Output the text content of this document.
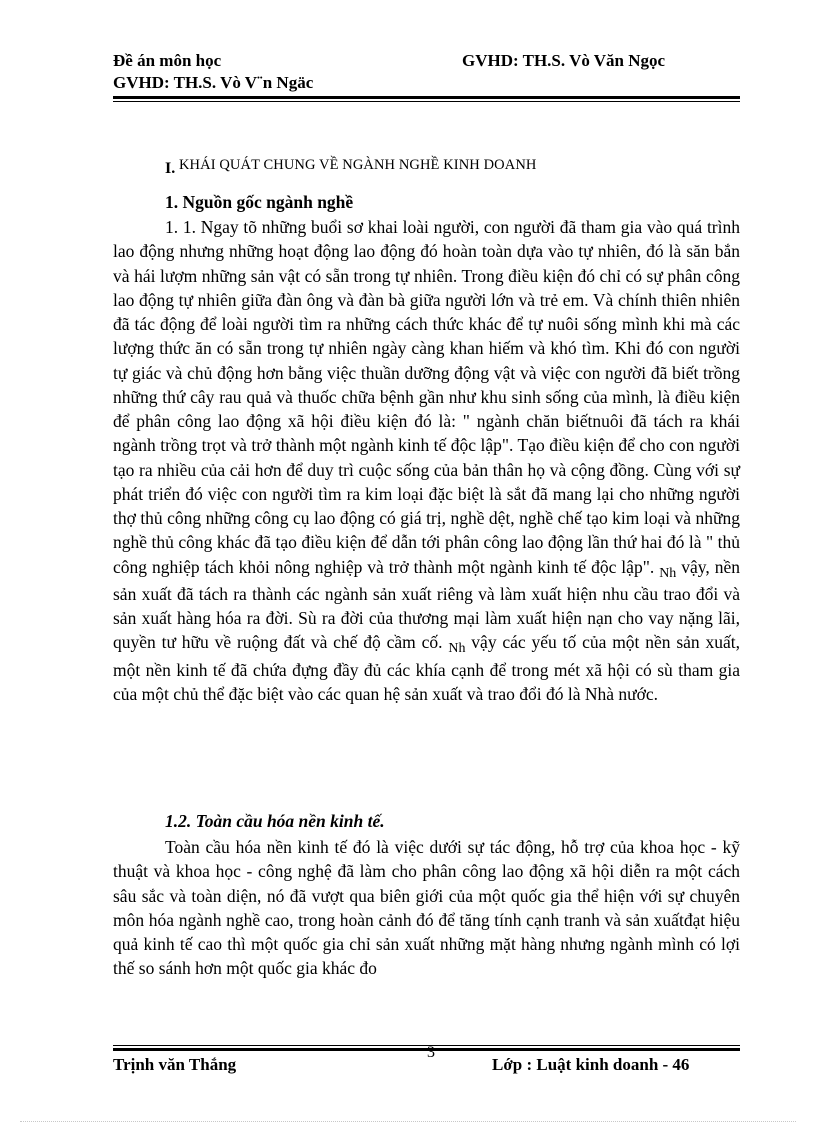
Đề án môn học	GVHD: TH.S. Vò Văn Ngọc
GVHD: TH.S. Vò V¨n Ngäc
I. KHÁI QUÁT CHUNG VỀ NGÀNH NGHỀ KINH DOANH
1. Nguồn gốc ngành nghề
1. 1. Ngay tõ những buổi sơ khai loài người, con người đã tham gia vào quá trình lao động nhưng những hoạt động lao động đó hoàn toàn dựa vào tự nhiên, đó là săn bắn và hái lượm những sản vật có sẵn trong tự nhiên. Trong điều kiện đó chỉ có sự phân công lao động tự nhiên giữa đàn ông và đàn bà giữa người lớn và trẻ em. Và chính thiên nhiên đã tác động để loài người tìm ra những cách thức khác để tự nuôi sống mình khi mà các lượng thức ăn có sẵn trong tự nhiên ngày càng khan hiếm và khó tìm. Khi đó con người tự giác và chủ động hơn bằng việc thuần dưỡng động vật và việc con người đã biết trồng những thứ cây rau quả và thuốc chữa bệnh gần như khu sinh sống của mình, là điều kiện để phân công lao động xã hội điều kiện đó là: " ngành chăn biếtnuôi đã tách ra khái ngành trồng trọt và trở thành một ngành kinh tế độc lập". Tạo điều kiện để cho con người tạo ra nhiều của cải hơn để duy trì cuộc sống của bản thân họ và cộng đồng. Cùng với sự phát triển đó việc con người tìm ra kim loại đặc biệt là sắt đã mang lại cho những người thợ thủ công những công cụ lao động có giá trị, nghề dệt, nghề chế tạo kim loại và những nghề thủ công khác đã tạo điều kiện để dẫn tới phân công lao động lần thứ hai đó là " thủ công nghiệp tách khỏi nông nghiệp và trở thành một ngành kinh tế độc lập". $_{Nh}$ vậy, nền sản xuất đã tách ra thành các ngành sản xuất riêng và làm xuất hiện nhu cầu trao đổi và sản xuất hàng hóa ra đời. Sù ra đời của thương mại làm xuất hiện nạn cho vay nặng lãi, quyền tư hữu về ruộng đất và chế độ cầm cố. $_{Nh}$ vậy các yếu tố của một nền sản xuất, một nền kinh tế đã chứa đựng đầy đủ các khía cạnh để trong mét xã hội có sù tham gia của một chủ thể đặc biệt vào các quan hệ sản xuất và trao đổi đó là Nhà nước.
1.2. Toàn cầu hóa nền kinh tế.
Toàn cầu hóa nền kinh tế đó là việc dưới sự tác động, hỗ trợ của khoa học - kỹ thuật và khoa học - công nghệ đã làm cho phân công lao động xã hội diễn ra một cách sâu sắc và toàn diện, nó đã vượt qua biên giới của một quốc gia thể hiện với sự chuyên môn hóa ngành nghề cao, trong hoàn cảnh đó để tăng tính cạnh tranh và sản xuấtđạt hiệu quả kinh tế cao thì một quốc gia chỉ sản xuất những mặt hàng nhưng ngành mình có lợi thế so sánh hơn một quốc gia khác đo
3
Trịnh văn Thắng	Lớp : Luật kinh doanh - 46
